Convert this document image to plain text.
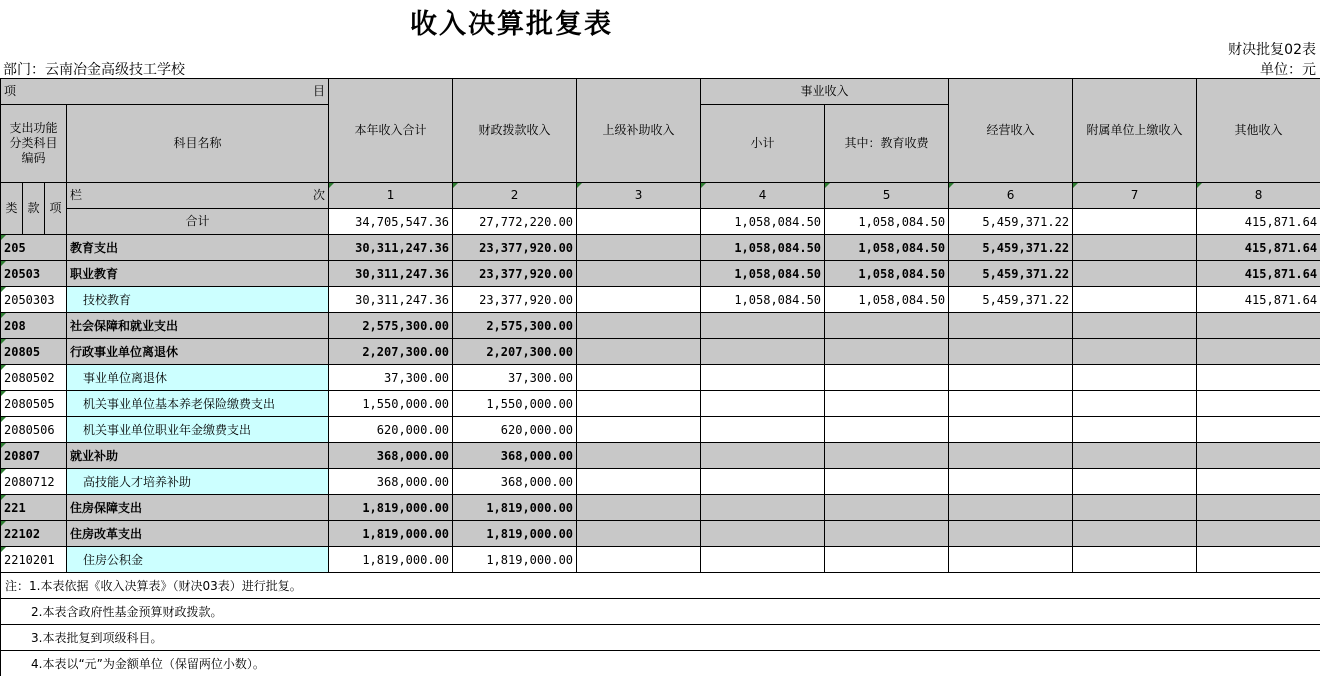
收入决算批复表
财决批复02表
部门：云南冶金高级技工学校	单位：元
项 目				本年收入合计	财政拨款收入	上级补助收入	事业收入		经营收入	附属单位上缴收入	其他收入
支出功能分类科目编码			科目名称				小计	其中：教育收费			
类	款	项	栏 次	1	2	3	4	5	6	7	8
			合计	34,705,547.36	27,772,220.00		1,058,084.50	1,058,084.50	5,459,371.22		415,871.64
205			教育支出	30,311,247.36	23,377,920.00		1,058,084.50	1,058,084.50	5,459,371.22		415,871.64
20503			职业教育	30,311,247.36	23,377,920.00		1,058,084.50	1,058,084.50	5,459,371.22		415,871.64
2050303			技校教育	30,311,247.36	23,377,920.00		1,058,084.50	1,058,084.50	5,459,371.22		415,871.64
208			社会保障和就业支出	2,575,300.00	2,575,300.00						
20805			行政事业单位离退休	2,207,300.00	2,207,300.00						
2080502			事业单位离退休	37,300.00	37,300.00						
2080505			机关事业单位基本养老保险缴费支出	1,550,000.00	1,550,000.00						
2080506			机关事业单位职业年金缴费支出	620,000.00	620,000.00						
20807			就业补助	368,000.00	368,000.00						
2080712			高技能人才培养补助	368,000.00	368,000.00						
221			住房保障支出	1,819,000.00	1,819,000.00						
22102			住房改革支出	1,819,000.00	1,819,000.00						
2210201			住房公积金	1,819,000.00	1,819,000.00						
注：1.本表依据《收入决算表》（财决03表）进行批复。											
2.本表含政府性基金预算财政拨款。											
3.本表批复到项级科目。											
4.本表以“元”为金额单位（保留两位小数）。											
